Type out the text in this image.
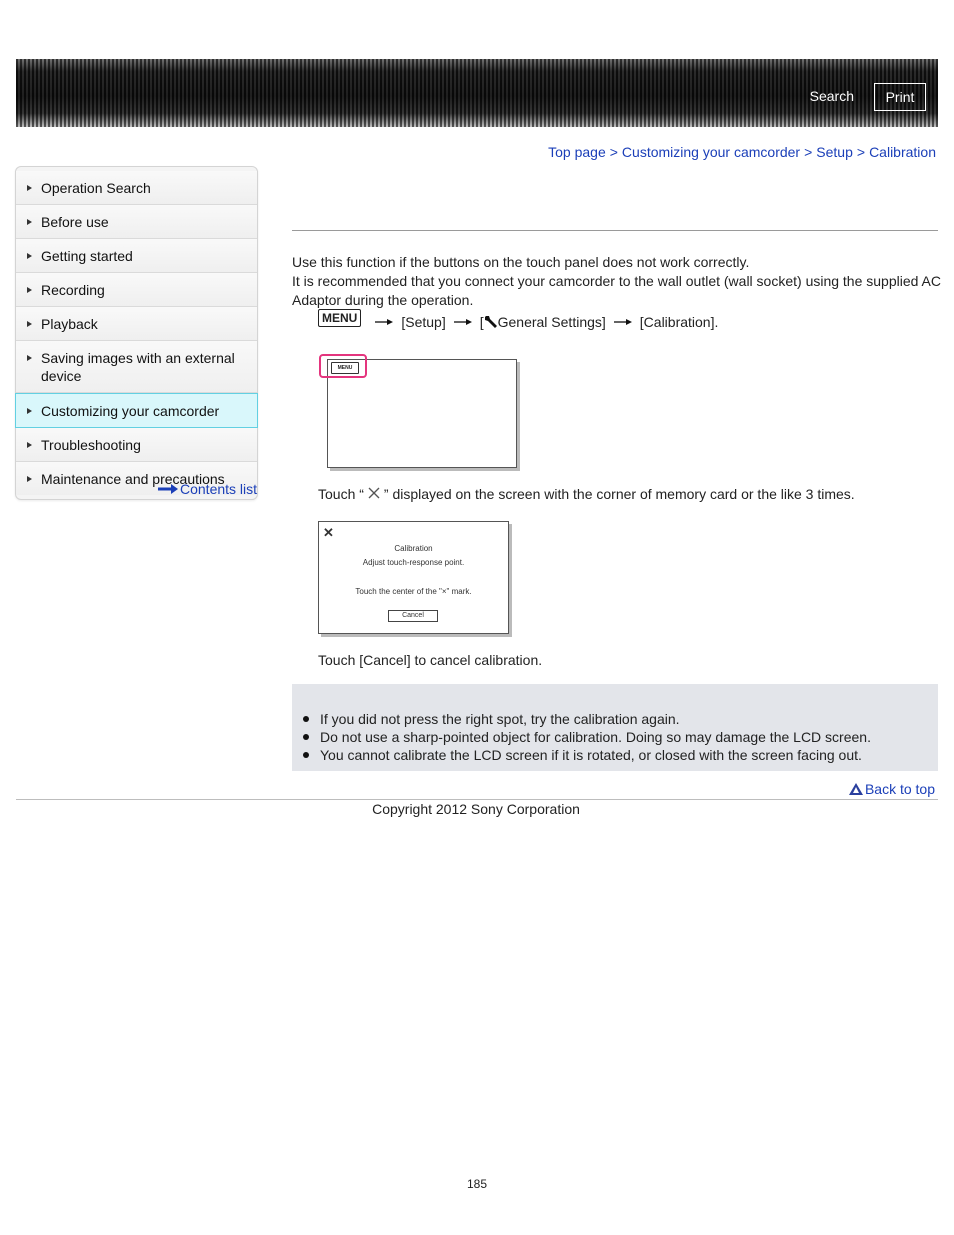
Search	Print
Top page > Customizing your camcorder > Setup > Calibration
Operation Search
Before use
Getting started
Recording
Playback
Saving images with an external device
Customizing your camcorder
Troubleshooting
Maintenance and precautions
Contents list
Use this function if the buttons on the touch panel does not work correctly.
It is recommended that you connect your camcorder to the wall outlet (wall socket) using the supplied AC Adaptor during the operation.
MENU	[Setup] [ General Settings] [Calibration].
MENU
Touch “ ” displayed on the screen with the corner of memory card or the like 3 times.
✕
Calibration
Adjust touch-response point.
Touch the center of the "×" mark.
Cancel
Touch [Cancel] to cancel calibration.
If you did not press the right spot, try the calibration again.
Do not use a sharp-pointed object for calibration. Doing so may damage the LCD screen.
You cannot calibrate the LCD screen if it is rotated, or closed with the screen facing out.
Back to top
Copyright 2012 Sony Corporation
185
